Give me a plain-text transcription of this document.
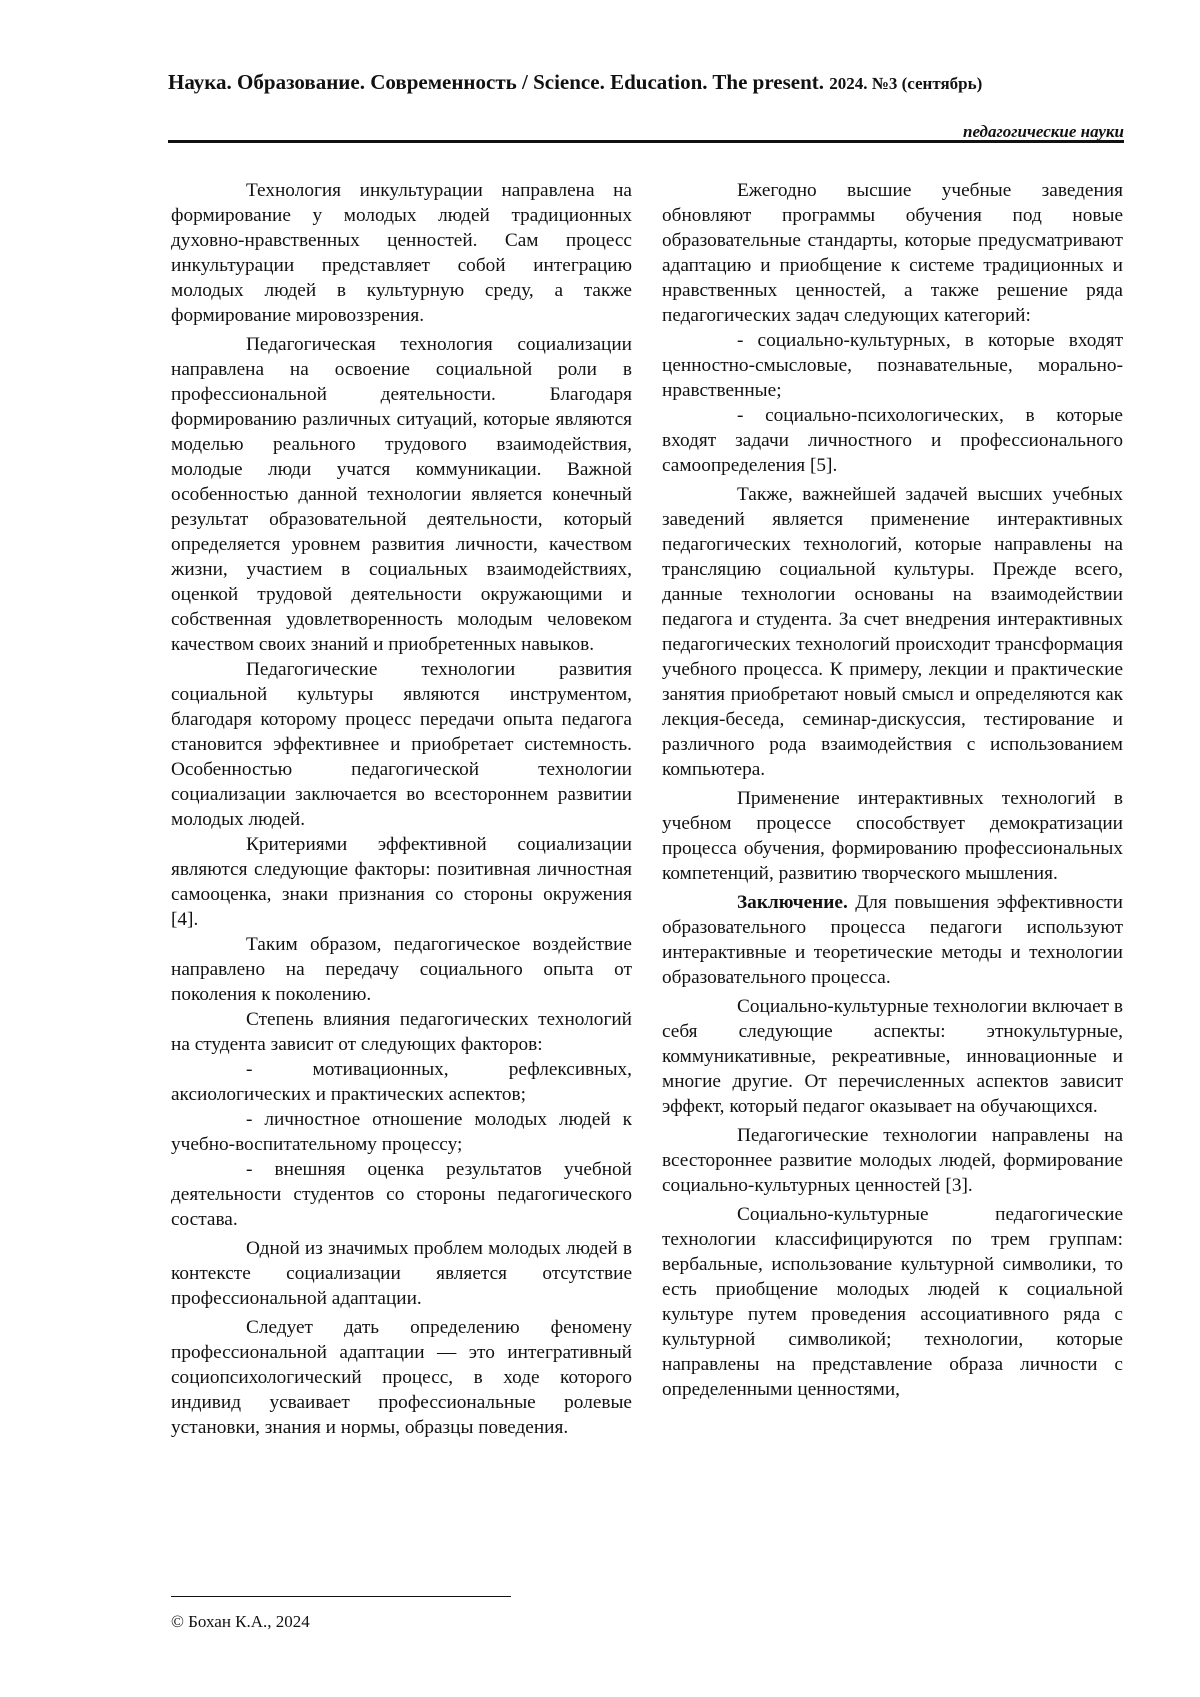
Наука. Образование. Современность / Science. Education. The present. 2024. №3 (сентябрь)
педагогические науки

Технология инкультурации направлена на формирование у молодых людей традиционных духовно-нравственных ценностей. Сам процесс инкультурации представляет собой интеграцию молодых людей в культурную среду, а также формирование мировоззрения.

Педагогическая технология социализации направлена на освоение социальной роли в профессиональной деятельности. Благодаря формированию различных ситуаций, которые являются моделью реального трудового взаимодействия, молодые люди учатся коммуникации. Важной особенностью данной технологии является конечный результат образовательной деятельности, который определяется уровнем развития личности, качеством жизни, участием в социальных взаимодействиях, оценкой трудовой деятельности окружающими и собственная удовлетворенность молодым человеком качеством своих знаний и приобретенных навыков.

Педагогические технологии развития социальной культуры являются инструментом, благодаря которому процесс передачи опыта педагога становится эффективнее и приобретает системность. Особенностью педагогической технологии социализации заключается во всестороннем развитии молодых людей.

Критериями эффективной социализации являются следующие факторы: позитивная личностная самооценка, знаки признания со стороны окружения [4].

Таким образом, педагогическое воздействие направлено на передачу социального опыта от поколения к поколению.

Степень влияния педагогических технологий на студента зависит от следующих факторов:

- мотивационных, рефлексивных, аксиологических и практических аспектов;

- личностное отношение молодых людей к учебно-воспитательному процессу;

- внешняя оценка результатов учебной деятельности студентов со стороны педагогического состава.

Одной из значимых проблем молодых людей в контексте социализации является отсутствие профессиональной адаптации.

Следует дать определению феномену профессиональной адаптации — это интегративный социопсихологический процесс, в ходе которого индивид усваивает профессиональные ролевые установки, знания и нормы, образцы поведения.

Ежегодно высшие учебные заведения обновляют программы обучения под новые образовательные стандарты, которые предусматривают адаптацию и приобщение к системе традиционных и нравственных ценностей, а также решение ряда педагогических задач следующих категорий:

- социально-культурных, в которые входят ценностно-смысловые, познавательные, морально-нравственные;

- социально-психологических, в которые входят задачи личностного и профессионального самоопределения [5].

Также, важнейшей задачей высших учебных заведений является применение интерактивных педагогических технологий, которые направлены на трансляцию социальной культуры. Прежде всего, данные технологии основаны на взаимодействии педагога и студента. За счет внедрения интерактивных педагогических технологий происходит трансформация учебного процесса. К примеру, лекции и практические занятия приобретают новый смысл и определяются как лекция-беседа, семинар-дискуссия, тестирование и различного рода взаимодействия с использованием компьютера.

Применение интерактивных технологий в учебном процессе способствует демократизации процесса обучения, формированию профессиональных компетенций, развитию творческого мышления.

Заключение. Для повышения эффективности образовательного процесса педагоги используют интерактивные и теоретические методы и технологии образовательного процесса.

Социально-культурные технологии включает в себя следующие аспекты: этнокультурные, коммуникативные, рекреативные, инновационные и многие другие. От перечисленных аспектов зависит эффект, который педагог оказывает на обучающихся.

Педагогические технологии направлены на всестороннее развитие молодых людей, формирование социально-культурных ценностей [3].

Социально-культурные педагогические технологии классифицируются по трем группам: вербальные, использование культурной символики, то есть приобщение молодых людей к социальной культуре путем проведения ассоциативного ряда с культурной символикой; технологии, которые направлены на представление образа личности с определенными ценностями,

© Бохан К.А., 2024
